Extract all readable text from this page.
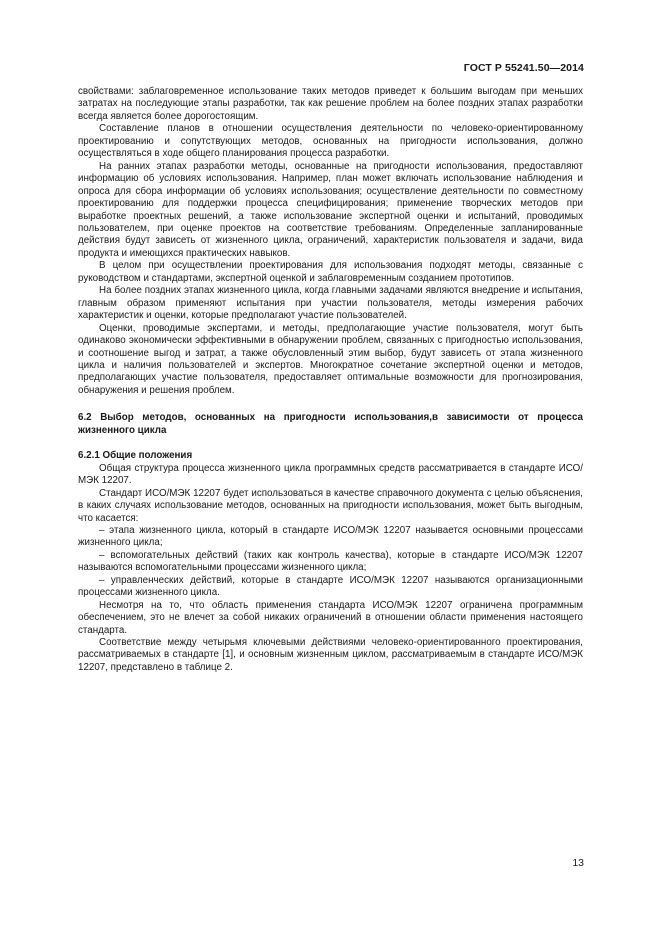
ГОСТ Р 55241.50—2014

свойствами: заблаговременное использование таких методов приведет к большим выгодам при меньших затратах на последующие этапы разработки, так как решение проблем на более поздних этапах разработки всегда является более дорогостоящим.

Составление планов в отношении осуществления деятельности по человеко-ориентированному проектированию и сопутствующих методов, основанных на пригодности использования, должно осуществляться в ходе общего планирования процесса разработки.

На ранних этапах разработки методы, основанные на пригодности использования, предоставляют информацию об условиях использования. Например, план может включать использование наблюдения и опроса для сбора информации об условиях использования; осуществление деятельности по совместному проектированию для поддержки процесса специфицирования; применение творческих методов при выработке проектных решений, а также использование экспертной оценки и испытаний, проводимых пользователем, при оценке проектов на соответствие требованиям. Определенные запланированные действия будут зависеть от жизненного цикла, ограничений, характеристик пользователя и задачи, вида продукта и имеющихся практических навыков.

В целом при осуществлении проектирования для использования подходят методы, связанные с руководством и стандартами, экспертной оценкой и заблаговременным созданием прототипов.

На более поздних этапах жизненного цикла, когда главными задачами являются внедрение и испытания, главным образом применяют испытания при участии пользователя, методы измерения рабочих характеристик и оценки, которые предполагают участие пользователей.

Оценки, проводимые экспертами, и методы, предполагающие участие пользователя, могут быть одинаково экономически эффективными в обнаружении проблем, связанных с пригодностью использования, и соотношение выгод и затрат, а также обусловленный этим выбор, будут зависеть от этапа жизненного цикла и наличия пользователей и экспертов. Многократное сочетание экспертной оценки и методов, предполагающих участие пользователя, предоставляет оптимальные возможности для прогнозирования, обнаружения и решения проблем.

6.2 Выбор методов, основанных на пригодности использования,в зависимости от процесса жизненного цикла

6.2.1 Общие положения

Общая структура процесса жизненного цикла программных средств рассматривается в стандарте ИСО/МЭК 12207.

Стандарт ИСО/МЭК 12207 будет использоваться в качестве справочного документа с целью объяснения, в каких случаях использование методов, основанных на пригодности использования, может быть выгодным, что касается:

– этапа жизненного цикла, который в стандарте ИСО/МЭК 12207 называется основными процессами жизненного цикла;

– вспомогательных действий (таких как контроль качества), которые в стандарте ИСО/МЭК 12207 называются вспомогательными процессами жизненного цикла;

– управленческих действий, которые в стандарте ИСО/МЭК 12207 называются организационными процессами жизненного цикла.

Несмотря на то, что область применения стандарта ИСО/МЭК 12207 ограничена программным обеспечением, это не влечет за собой никаких ограничений в отношении области применения настоящего стандарта.

Соответствие между четырьмя ключевыми действиями человеко-ориентированного проектирования, рассматриваемых в стандарте [1], и основным жизненным циклом, рассматриваемым в стандарте ИСО/МЭК 12207, представлено в таблице 2.

13
